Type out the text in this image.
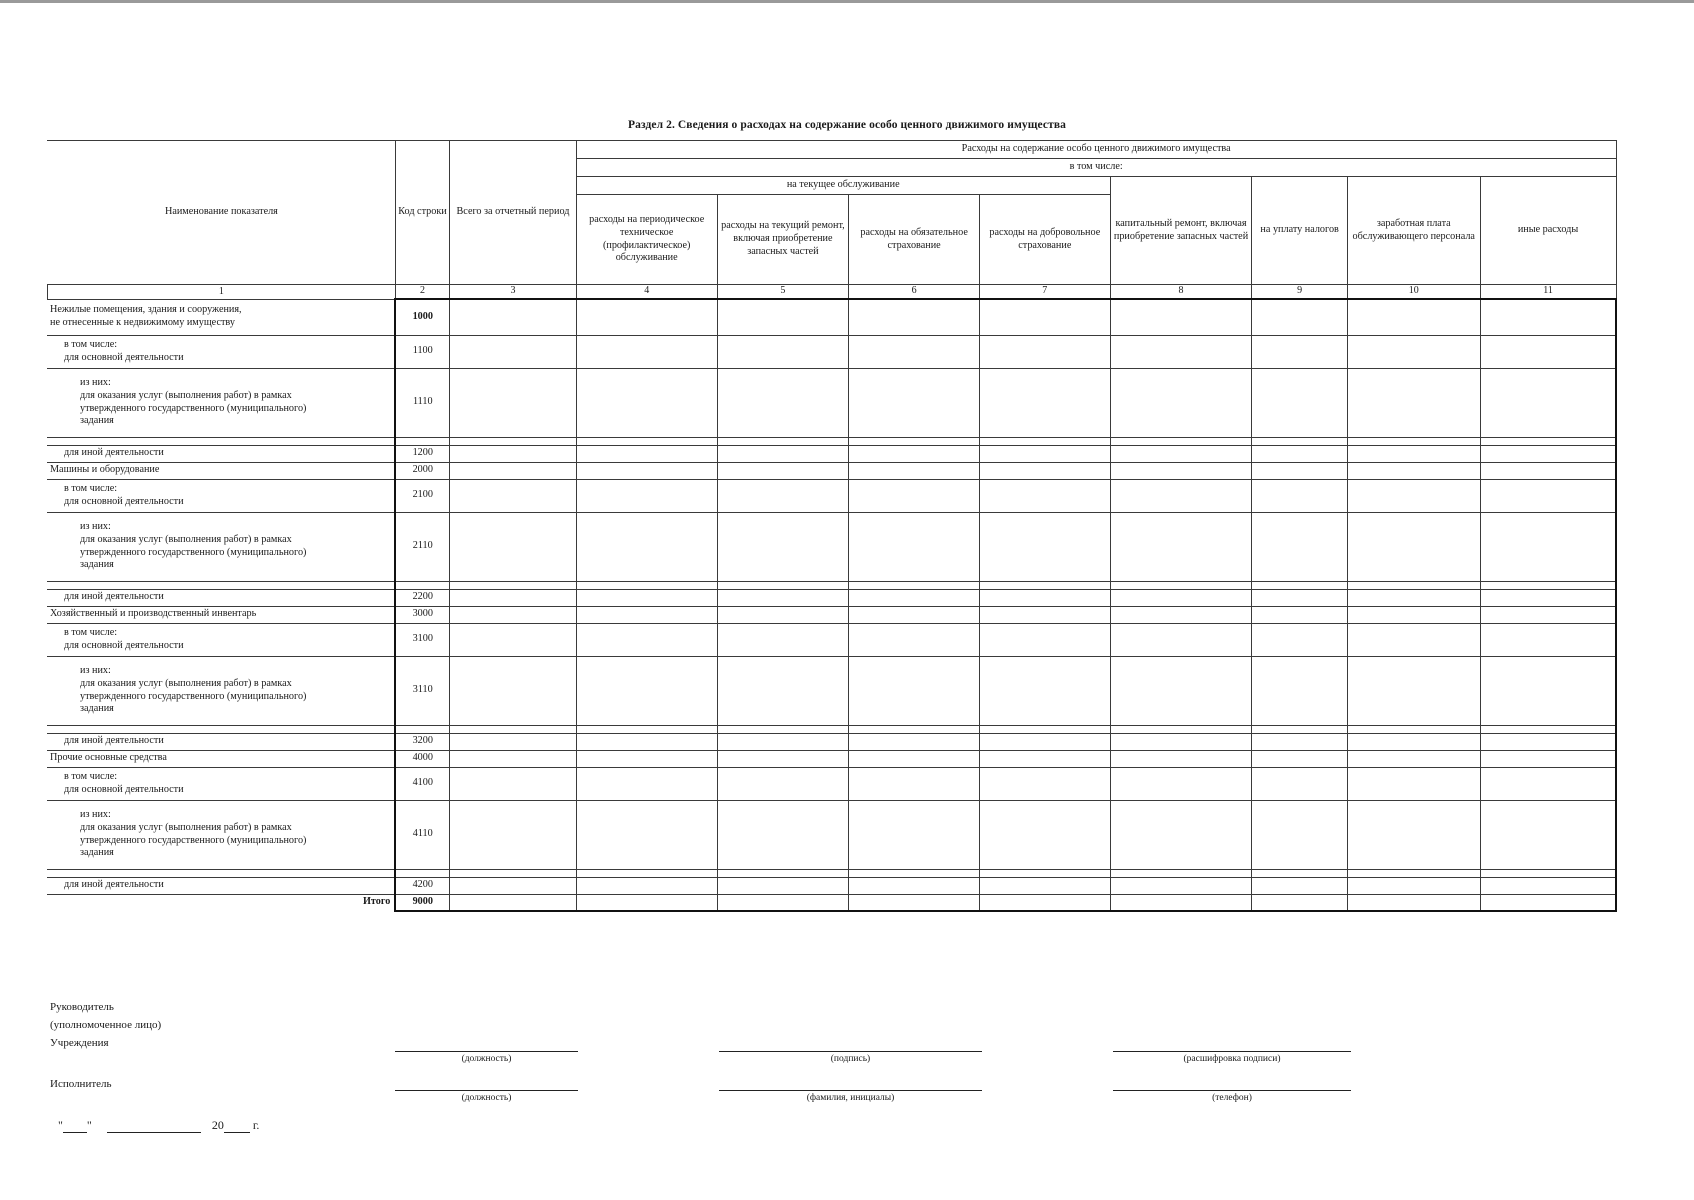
Раздел 2. Сведения о расходах на содержание особо ценного движимого имущества
Наименование показателя	Код строки	Всего за отчетный период	Расходы на содержание особо ценного движимого имущества							
			в том числе:							
			на текущее обслуживание				капитальный ремонт, включая приобретение запасных частей	на уплату налогов	заработная плата обслуживающего персонала	иные расходы
			расходы на периодическое техническое (профилактическое) обслуживание	расходы на текущий ремонт, включая приобретение запасных частей	расходы на обязательное страхование	расходы на добровольное страхование				
1	2	3	4	5	6	7	8	9	10	11
Нежилые помещения, здания и сооружения,
не отнесенные к недвижимому имуществу	1000									
в том числе:
для основной деятельности	1100									
из них:
для оказания услуг (выполнения работ) в рамках
утвержденного государственного (муниципального)
задания	1110									

для иной деятельности	1200									
Машины и оборудование	2000									
в том числе:
для основной деятельности	2100									
из них:
для оказания услуг (выполнения работ) в рамках
утвержденного государственного (муниципального)
задания	2110									

для иной деятельности	2200									
Хозяйственный и производственный инвентарь	3000									
в том числе:
для основной деятельности	3100									
из них:
для оказания услуг (выполнения работ) в рамках
утвержденного государственного (муниципального)
задания	3110									

для иной деятельности	3200									
Прочие основные средства	4000									
в том числе:
для основной деятельности	4100									
из них:
для оказания услуг (выполнения работ) в рамках
утвержденного государственного (муниципального)
задания	4110									

для иной деятельности	4200									
Итого	9000									
Руководитель
(уполномоченное лицо)
Учреждения
(должность)	(подпись)	(расшифровка подписи)
Исполнитель
(должность)	(фамилия, инициалы)	(телефон)
" "	20 г.
